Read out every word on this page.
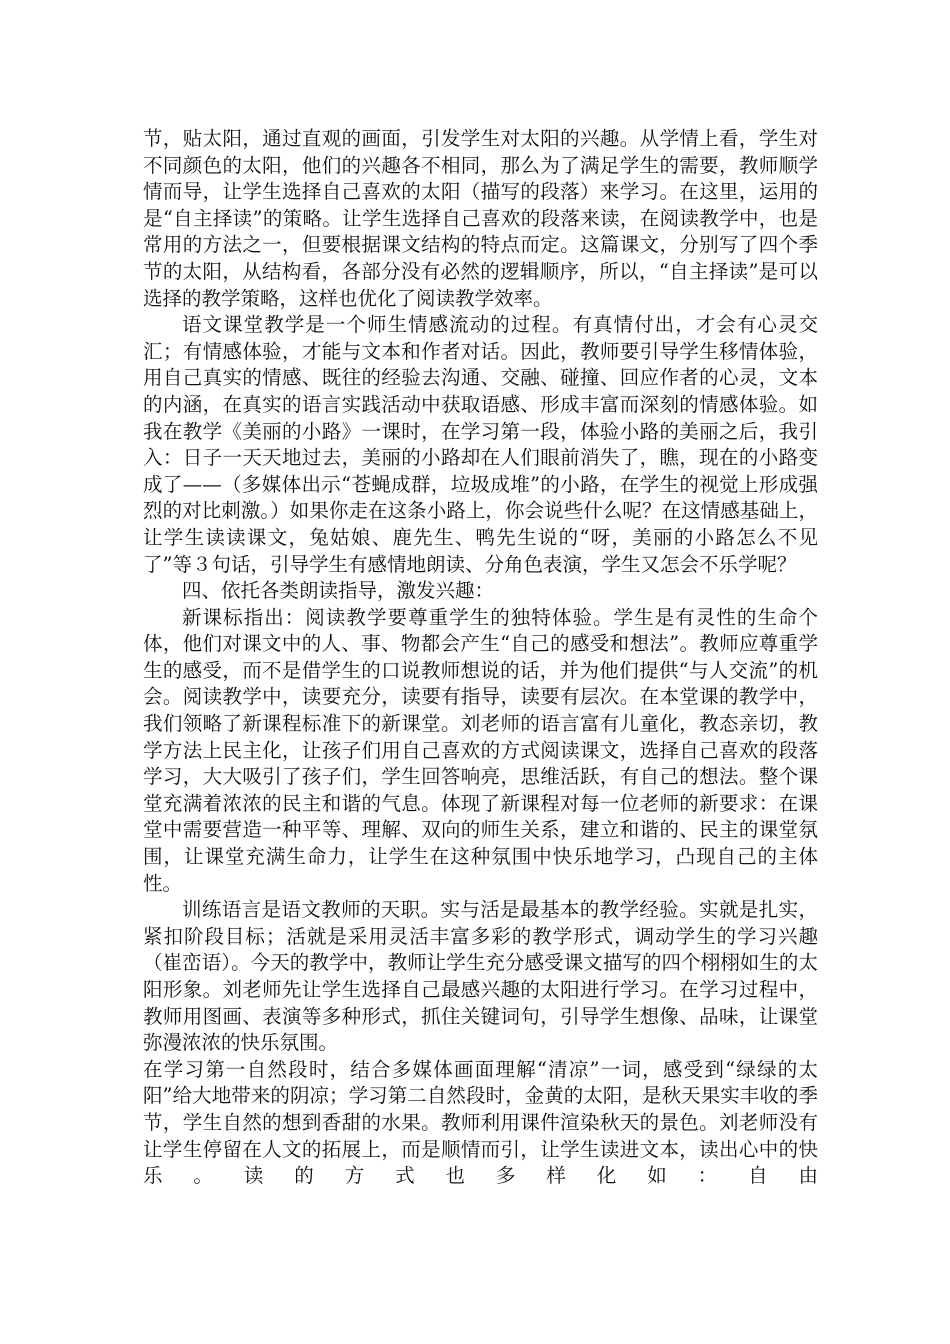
节，贴太阳，通过直观的画面，引发学生对太阳的兴趣。从学情上看，学生对不同颜色的太阳，他们的兴趣各不相同，那么为了满足学生的需要，教师顺学情而导，让学生选择自己喜欢的太阳（描写的段落）来学习。在这里，运用的是“自主择读”的策略。让学生选择自己喜欢的段落来读，在阅读教学中，也是常用的方法之一，但要根据课文结构的特点而定。这篇课文，分别写了四个季节的太阳，从结构看，各部分没有必然的逻辑顺序，所以，“自主择读”是可以选择的教学策略，这样也优化了阅读教学效率。

语文课堂教学是一个师生情感流动的过程。有真情付出，才会有心灵交汇；有情感体验，才能与文本和作者对话。因此，教师要引导学生移情体验，用自己真实的情感、既往的经验去沟通、交融、碰撞、回应作者的心灵，文本的内涵，在真实的语言实践活动中获取语感、形成丰富而深刻的情感体验。如我在教学《美丽的小路》一课时，在学习第一段，体验小路的美丽之后，我引入：日子一天天地过去，美丽的小路却在人们眼前消失了，瞧，现在的小路变成了——（多媒体出示“苍蝇成群，垃圾成堆”的小路，在学生的视觉上形成强烈的对比刺激。）如果你走在这条小路上，你会说些什么呢？在这情感基础上，让学生读读课文，兔姑娘、鹿先生、鸭先生说的“呀，美丽的小路怎么不见了”等３句话，引导学生有感情地朗读、分角色表演，学生又怎会不乐学呢？

四、依托各类朗读指导，激发兴趣：

新课标指出：阅读教学要尊重学生的独特体验。学生是有灵性的生命个体，他们对课文中的人、事、物都会产生“自己的感受和想法”。教师应尊重学生的感受，而不是借学生的口说教师想说的话，并为他们提供“与人交流”的机会。阅读教学中，读要充分，读要有指导，读要有层次。在本堂课的教学中，我们领略了新课程标准下的新课堂。刘老师的语言富有儿童化，教态亲切，教学方法上民主化，让孩子们用自己喜欢的方式阅读课文，选择自己喜欢的段落学习，大大吸引了孩子们，学生回答响亮，思维活跃，有自己的想法。整个课堂充满着浓浓的民主和谐的气息。体现了新课程对每一位老师的新要求：在课堂中需要营造一种平等、理解、双向的师生关系，建立和谐的、民主的课堂氛围，让课堂充满生命力，让学生在这种氛围中快乐地学习，凸现自己的主体性。

训练语言是语文教师的天职。实与活是最基本的教学经验。实就是扎实，紧扣阶段目标；活就是采用灵活丰富多彩的教学形式，调动学生的学习兴趣（崔峦语）。今天的教学中，教师让学生充分感受课文描写的四个栩栩如生的太阳形象。刘老师先让学生选择自己最感兴趣的太阳进行学习。在学习过程中，教师用图画、表演等多种形式，抓住关键词句，引导学生想像、品味，让课堂弥漫浓浓的快乐氛围。

在学习第一自然段时，结合多媒体画面理解“清凉”一词，感受到“绿绿的太阳”给大地带来的阴凉；学习第二自然段时，金黄的太阳，是秋天果实丰收的季节，学生自然的想到香甜的水果。教师利用课件渲染秋天的景色。刘老师没有让学生停留在人文的拓展上，而是顺情而引，让学生读进文本，读出心中的快乐。读的方式也多样化如：自由
